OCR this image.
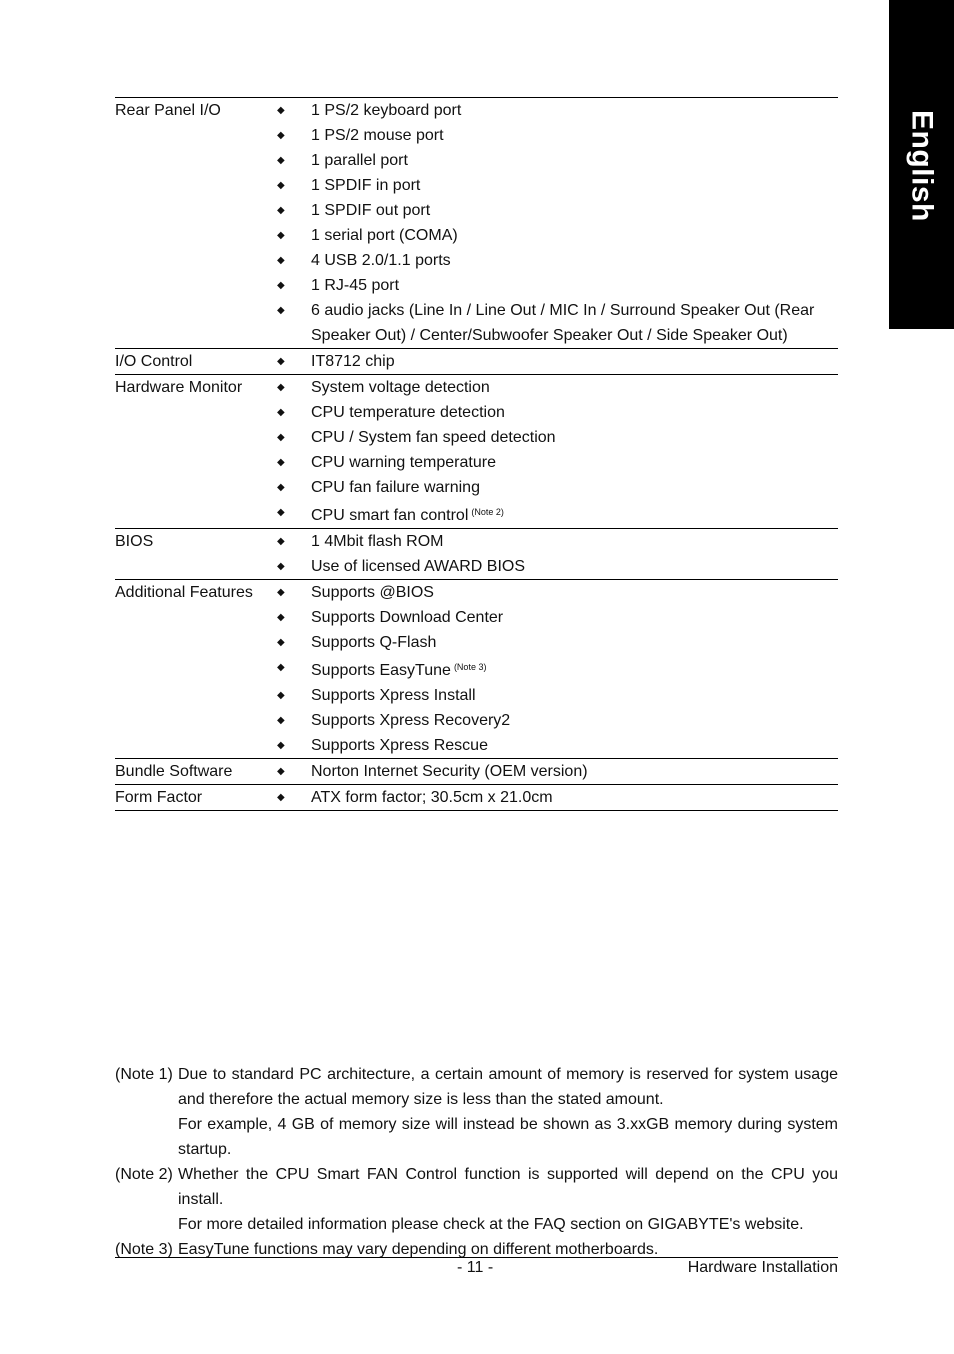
English
Rear Panel I/O	◆	1 PS/2 keyboard port
◆	1 PS/2 mouse port
◆	1 parallel port
◆	1 SPDIF in port
◆	1 SPDIF out port
◆	1 serial port (COMA)
◆	4 USB 2.0/1.1 ports
◆	1 RJ-45 port
◆	6 audio jacks (Line In / Line Out / MIC In / Surround Speaker Out (Rear Speaker Out) / Center/Subwoofer Speaker Out / Side Speaker Out)
I/O Control	◆	IT8712 chip
Hardware Monitor	◆	System voltage detection
◆	CPU temperature detection
◆	CPU / System fan speed detection
◆	CPU warning temperature
◆	CPU fan failure warning
◆	CPU smart fan control $^{(Note 2)}$
BIOS	◆	1 4Mbit flash ROM
◆	Use of licensed AWARD BIOS
Additional Features	◆	Supports @BIOS
◆	Supports Download Center
◆	Supports Q-Flash
◆	Supports EasyTune $^{(Note 3)}$
◆	Supports Xpress Install
◆	Supports Xpress Recovery2
◆	Supports Xpress Rescue
Bundle Software	◆	Norton Internet Security (OEM version)
Form Factor	◆	ATX form factor; 30.5cm x 21.0cm
(Note 1) Due to standard PC architecture, a certain amount of memory is reserved for system usage and therefore the actual memory size is less than the stated amount.
For example, 4 GB of memory size will instead be shown as 3.xxGB memory during system startup.
(Note 2) Whether the CPU Smart FAN Control function is supported will depend on the CPU you install.
For more detailed information please check at the FAQ section on GIGABYTE's website.
(Note 3) EasyTune functions may vary depending on different motherboards.
- 11 -	Hardware Installation
